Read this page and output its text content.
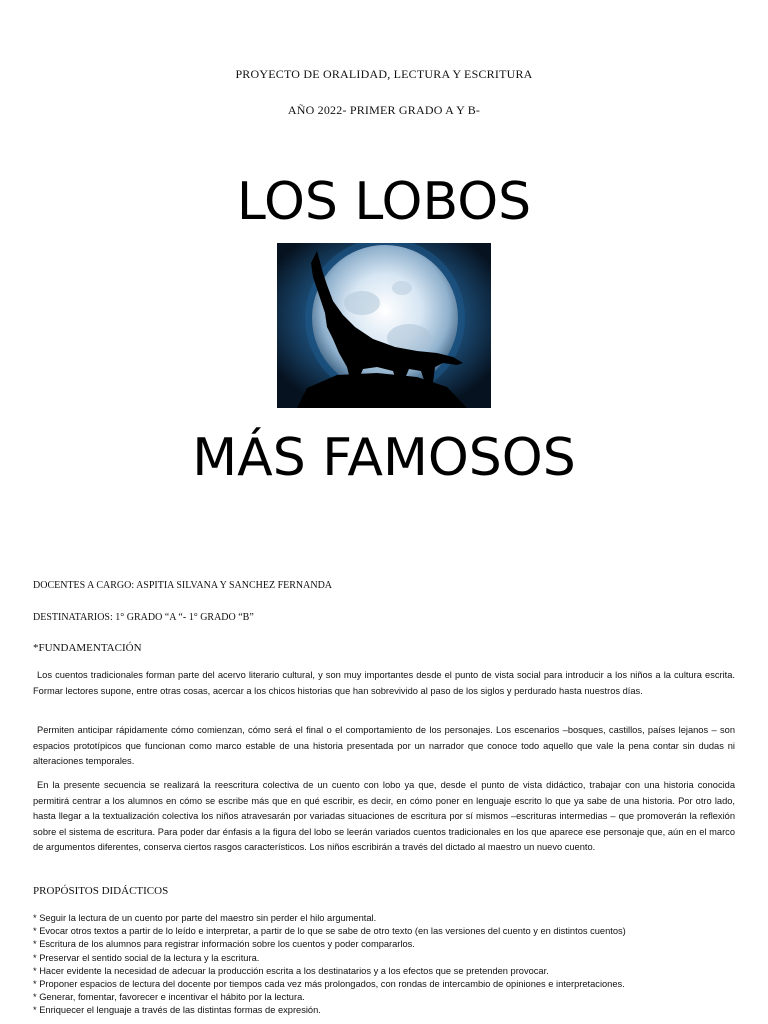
PROYECTO DE ORALIDAD, LECTURA Y ESCRITURA
AÑO 2022- PRIMER GRADO A Y B-
LOS LOBOS
MÁS FAMOSOS
DOCENTES A CARGO: ASPITIA SILVANA Y SANCHEZ FERNANDA
DESTINATARIOS: 1° GRADO “A “- 1° GRADO “B”
*FUNDAMENTACIÓN

Los cuentos tradicionales forman parte del acervo literario cultural, y son muy importantes desde el punto de vista social para introducir a los niños a la cultura escrita. Formar lectores supone, entre otras cosas, acercar a los chicos historias que han sobrevivido al paso de los siglos y perdurado hasta nuestros días.

Permiten anticipar rápidamente cómo comienzan, cómo será el final o el comportamiento de los personajes. Los escenarios –bosques, castillos, países lejanos – son espacios prototípicos que funcionan como marco estable de una historia presentada por un narrador que conoce todo aquello que vale la pena contar sin dudas ni alteraciones temporales.

En la presente secuencia se realizará la reescritura colectiva de un cuento con lobo ya que, desde el punto de vista didáctico, trabajar con una historia conocida permitirá centrar a los alumnos en cómo se escribe más que en qué escribir, es decir, en cómo poner en lenguaje escrito lo que ya sabe de una historia. Por otro lado, hasta llegar a la textualización colectiva los niños atravesarán por variadas situaciones de escritura por sí mismos –escrituras intermedias – que promoverán la reflexión sobre el sistema de escritura. Para poder dar énfasis a la figura del lobo se leerán variados cuentos tradicionales en los que aparece ese personaje que, aún en el marco de argumentos diferentes, conserva ciertos rasgos característicos. Los niños escribirán a través del dictado al maestro un nuevo cuento.

PROPÓSITOS DIDÁCTICOS
* Seguir la lectura de un cuento por parte del maestro sin perder el hilo argumental.
* Evocar otros textos a partir de lo leído e interpretar, a partir de lo que se sabe de otro texto (en las versiones del cuento y en distintos cuentos)
* Escritura de los alumnos para registrar información sobre los cuentos y poder compararlos.
* Preservar el sentido social de la lectura y la escritura.
* Hacer evidente la necesidad de adecuar la producción escrita a los destinatarios y a los efectos que se pretenden provocar.
* Proponer espacios de lectura del docente por tiempos cada vez más prolongados, con rondas de intercambio de opiniones e interpretaciones.
* Generar, fomentar, favorecer e incentivar el hábito por la lectura.
* Enriquecer el lenguaje a través de las distintas formas de expresión.
